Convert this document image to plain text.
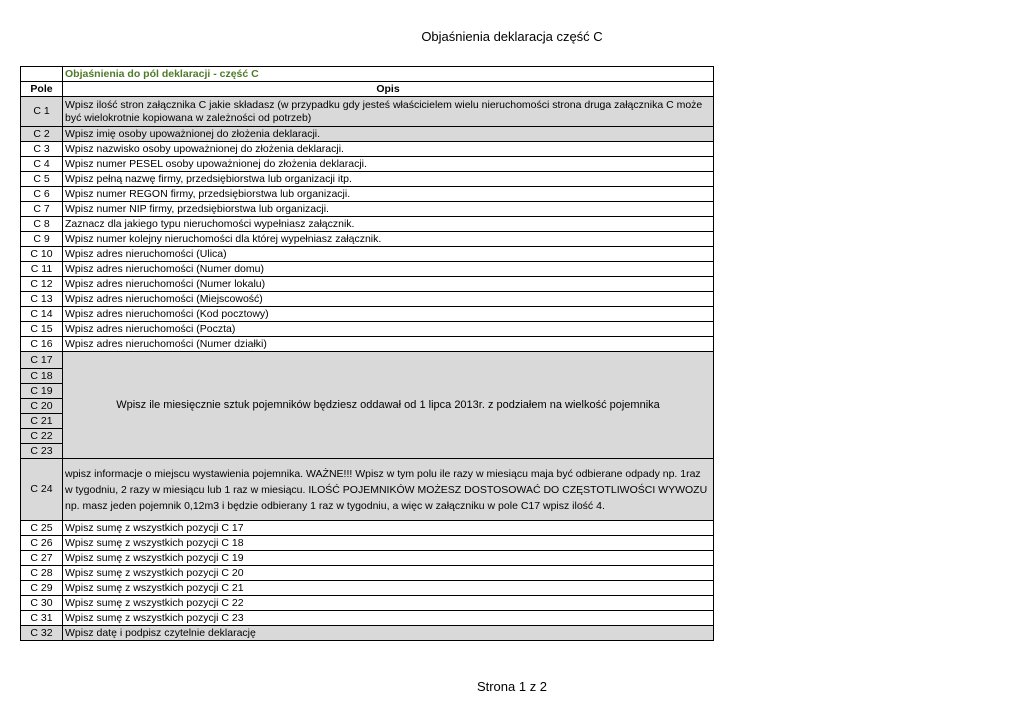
Objaśnienia deklaracja część C
	Objaśnienia do pól deklaracji - część C
Pole	Opis
C 1	Wpisz ilość stron załącznika C jakie składasz (w przypadku gdy jesteś właścicielem wielu nieruchomości strona druga załącznika C może być wielokrotnie kopiowana w zależności od potrzeb)
C 2	Wpisz imię osoby upoważnionej do złożenia deklaracji.
C 3	Wpisz nazwisko osoby upoważnionej do złożenia deklaracji.
C 4	Wpisz numer PESEL osoby upoważnionej do złożenia deklaracji.
C 5	Wpisz pełną nazwę firmy, przedsiębiorstwa lub organizacji itp.
C 6	Wpisz numer REGON firmy, przedsiębiorstwa lub organizacji.
C 7	Wpisz numer NIP firmy, przedsiębiorstwa lub organizacji.
C 8	Zaznacz dla jakiego typu nieruchomości wypełniasz załącznik.
C 9	Wpisz numer kolejny nieruchomości dla której wypełniasz załącznik.
C 10	Wpisz adres nieruchomości (Ulica)
C 11	Wpisz adres nieruchomości (Numer domu)
C 12	Wpisz adres nieruchomości (Numer lokalu)
C 13	Wpisz adres nieruchomości (Miejscowość)
C 14	Wpisz adres nieruchomości (Kod pocztowy)
C 15	Wpisz adres nieruchomości (Poczta)
C 16	Wpisz adres nieruchomości (Numer działki)
C 17	Wpisz ile miesięcznie sztuk pojemników będziesz oddawał od 1 lipca 2013r. z podziałem na wielkość pojemnika
C 18	
C 19	
C 20	
C 21	
C 22	
C 23	
C 24	wpisz informacje o miejscu wystawienia pojemnika. WAŻNE!!! Wpisz w tym polu ile razy w miesiącu maja być odbierane odpady np. 1raz w tygodniu, 2 razy w miesiącu lub 1 raz w miesiącu. ILOŚĆ POJEMNIKÓW MOŻESZ DOSTOSOWAĆ DO CZĘSTOTLIWOŚCI WYWOZU np. masz jeden pojemnik 0,12m3 i będzie odbierany 1 raz w tygodniu, a więc w załączniku w pole C17 wpisz ilość 4.
C 25	Wpisz sumę z wszystkich pozycji C 17
C 26	Wpisz sumę z wszystkich pozycji C 18
C 27	Wpisz sumę z wszystkich pozycji C 19
C 28	Wpisz sumę z wszystkich pozycji C 20
C 29	Wpisz sumę z wszystkich pozycji C 21
C 30	Wpisz sumę z wszystkich pozycji C 22
C 31	Wpisz sumę z wszystkich pozycji C 23
C 32	Wpisz datę i podpisz czytelnie deklarację
Strona 1 z 2
